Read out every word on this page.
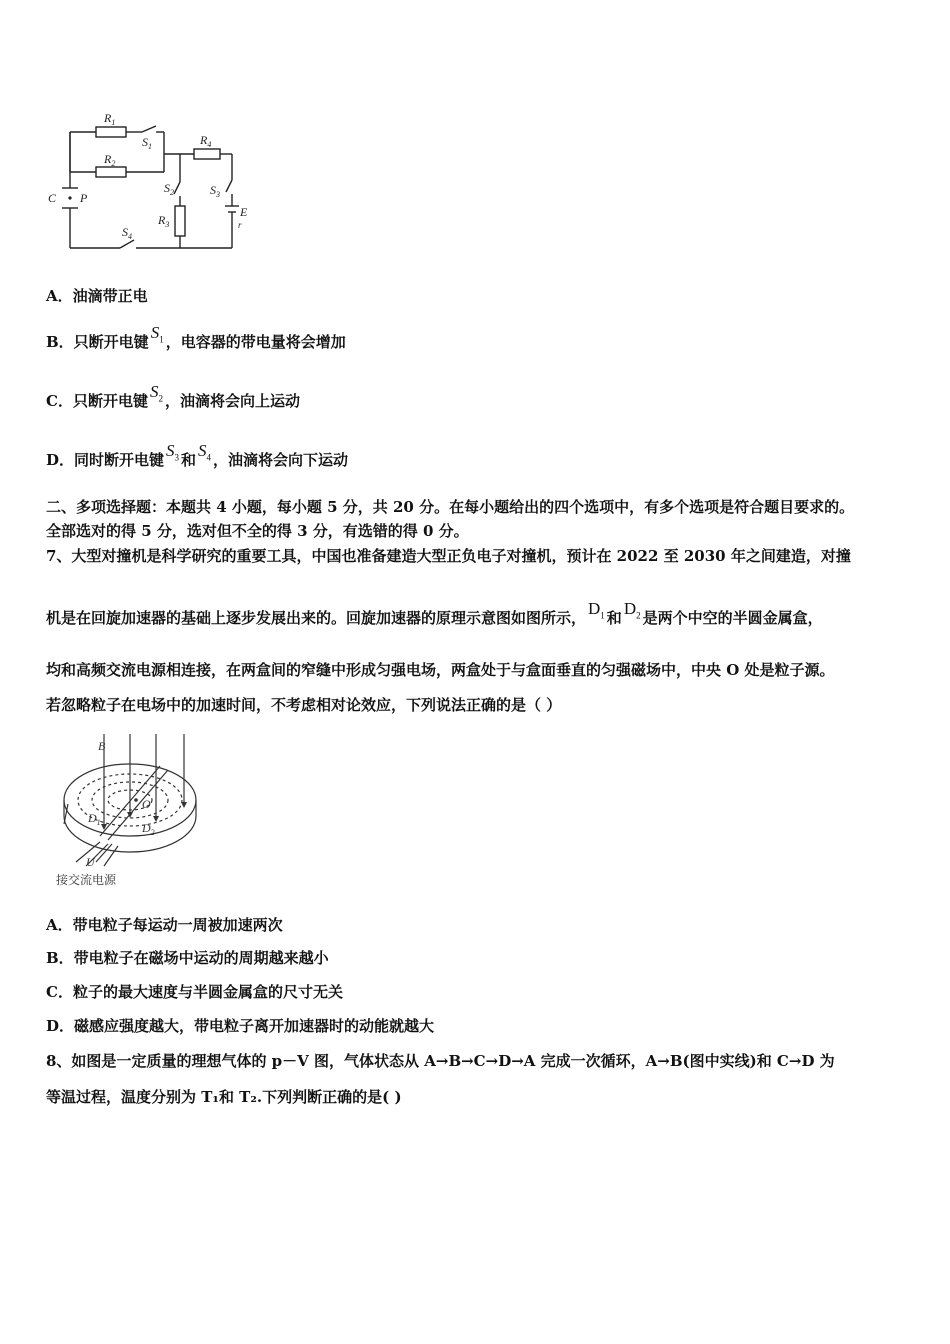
$R_1$
$R_2$
$S_1$	$R_4$
$S_2$	$S_3$
$R_3$
$S_4$
C P
E
r
A．油滴带正电
B．只断开电键 $S_1$ ，电容器的带电量将会增加
C．只断开电键 $S_2$ ，油滴将会向上运动
D．同时断开电键 $S_3$ 和 $S_4$ ，油滴将会向下运动
二、多项选择题：本题共 4 小题，每小题 5 分，共 20 分。在每小题给出的四个选项中，有多个选项是符合题目要求的。
全部选对的得 5 分，选对但不全的得 3 分，有选错的得 0 分。
7、大型对撞机是科学研究的重要工具，中国也准备建造大型正负电子对撞机，预计在 2022 至 2030 年之间建造，对撞
机是在回旋加速器的基础上逐步发展出来的。回旋加速器的原理示意图如图所示， $D_1$ 和 $D_2$ 是两个中空的半圆金属盒，
均和高频交流电源相连接，在两盒间的窄缝中形成匀强电场，两盒处于与盒面垂直的匀强磁场中，中央 O 处是粒子源。
若忽略粒子在电场中的加速时间，不考虑相对论效应，下列说法正确的是（ ）
B
O
$D_1$	$D_2$
U
接交流电源
A．带电粒子每运动一周被加速两次
B．带电粒子在磁场中运动的周期越来越小
C．粒子的最大速度与半圆金属盒的尺寸无关
D．磁感应强度越大，带电粒子离开加速器时的动能就越大
8、如图是一定质量的理想气体的 p－V 图，气体状态从 A→B→C→D→A 完成一次循环，A→B(图中实线)和 C→D 为
等温过程，温度分别为 T₁和 T₂.下列判断正确的是( )
